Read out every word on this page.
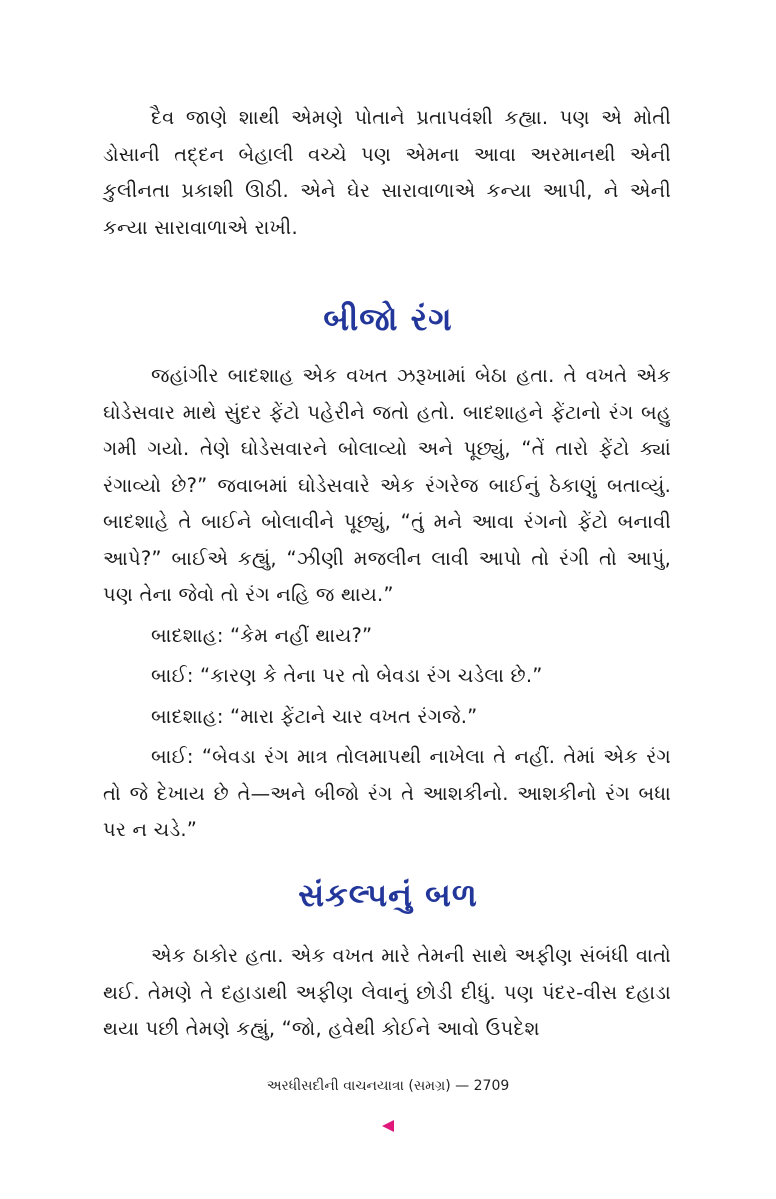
દૈવ જાણે શાથી એમણે પોતાને પ્રતાપવંશી કહ્યા. પણ એ મોતી ડોસાની તદ્દન બેહાલી વચ્ચે પણ એમના આવા અરમાનથી એની કુલીનતા પ્રકાશી ઊઠી. એને ઘેર સારાવાળાએ કન્યા આપી, ને એની કન્યા સારાવાળાએ રાખી.

બીજો રંગ

જહાંગીર બાદશાહ એક વખત ઝરૂખામાં બેઠા હતા. તે વખતે એક ઘોડેસવાર માથે સુંદર ફેંટો પહેરીને જતો હતો. બાદશાહને ફેંટાનો રંગ બહુ ગમી ગયો. તેણે ઘોડેસવારને બોલાવ્યો અને પૂછ્યું, “તેં તારો ફેંટો ક્યાં રંગાવ્યો છે?” જવાબમાં ઘોડેસવારે એક રંગરેજ બાઈનું ઠેકાણું બતાવ્યું. બાદશાહે તે બાઈને બોલાવીને પૂછ્યું, “તું મને આવા રંગનો ફેંટો બનાવી આપે?” બાઈએ કહ્યું, “ઝીણી મજલીન લાવી આપો તો રંગી તો આપું, પણ તેના જેવો તો રંગ નહિ જ થાય.”

બાદશાહ: “કેમ નહીં થાય?”

બાઈ: “કારણ કે તેના પર તો બેવડા રંગ ચડેલા છે.”

બાદશાહ: “મારા ફેંટાને ચાર વખત રંગજે.”

બાઈ: “બેવડા રંગ માત્ર તોલમાપથી નાખેલા તે નહીં. તેમાં એક રંગ તો જે દેખાય છે તે—અને બીજો રંગ તે આશકીનો. આશકીનો રંગ બધા પર ન ચડે.”

સંકલ્પનું બળ

એક ઠાકોર હતા. એક વખત મારે તેમની સાથે અફીણ સંબંધી વાતો થઈ. તેમણે તે દહાડાથી અફીણ લેવાનું છોડી દીધું. પણ પંદર-વીસ દહાડા થયા પછી તેમણે કહ્યું, “જો, હવેથી કોઈને આવો ઉપદેશ

અરધીસદીની વાચનયાત્રા (સમગ્ર) — 2709
